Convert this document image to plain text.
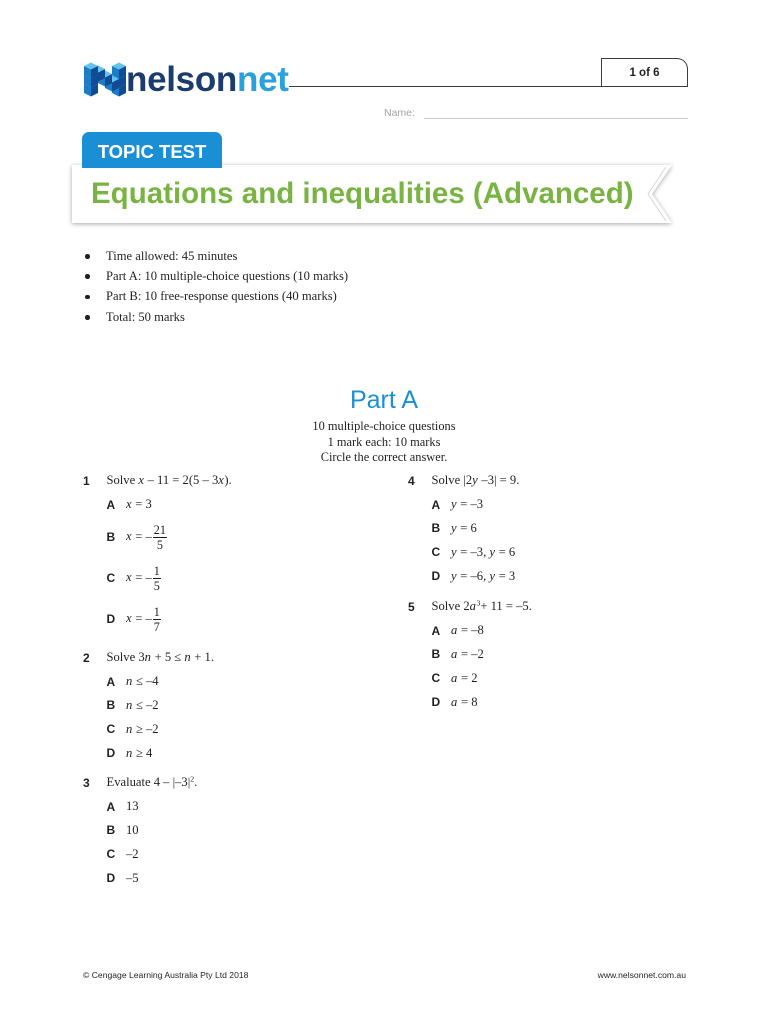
nelsonnet	1 of 6
Name:
TOPIC TEST
Equations and inequalities (Advanced)
Time allowed: 45 minutes
Part A: 10 multiple-choice questions (10 marks)
Part B: 10 free-response questions (40 marks)
Total: 50 marks
Part A
10 multiple-choice questions
1 mark each: 10 marks
Circle the correct answer.
1	Solve x – 11 = 2(5 – 3x).
A x = 3
B x = – $\frac{21}{5}$
C x = – $\frac{1}{5}$
D x = – $\frac{1}{7}$
2	Solve 3n + 5 ≤ n + 1.
A n ≤ –4
B n ≤ –2
C n ≥ –2
D n ≥ 4
3	Evaluate $4 - |-3|^2$.
A 13
B 10
C –2
D –5
4	Solve |2y –3| = 9.
A y = –3
B y = 6
C y = –3, y = 6
D y = –6, y = 3
5	Solve $2a^3+ 11 = -5$.
A a = –8
B a = –2
C a = 2
D a = 8
© Cengage Learning Australia Pty Ltd 2018	www.nelsonnet.com.au
